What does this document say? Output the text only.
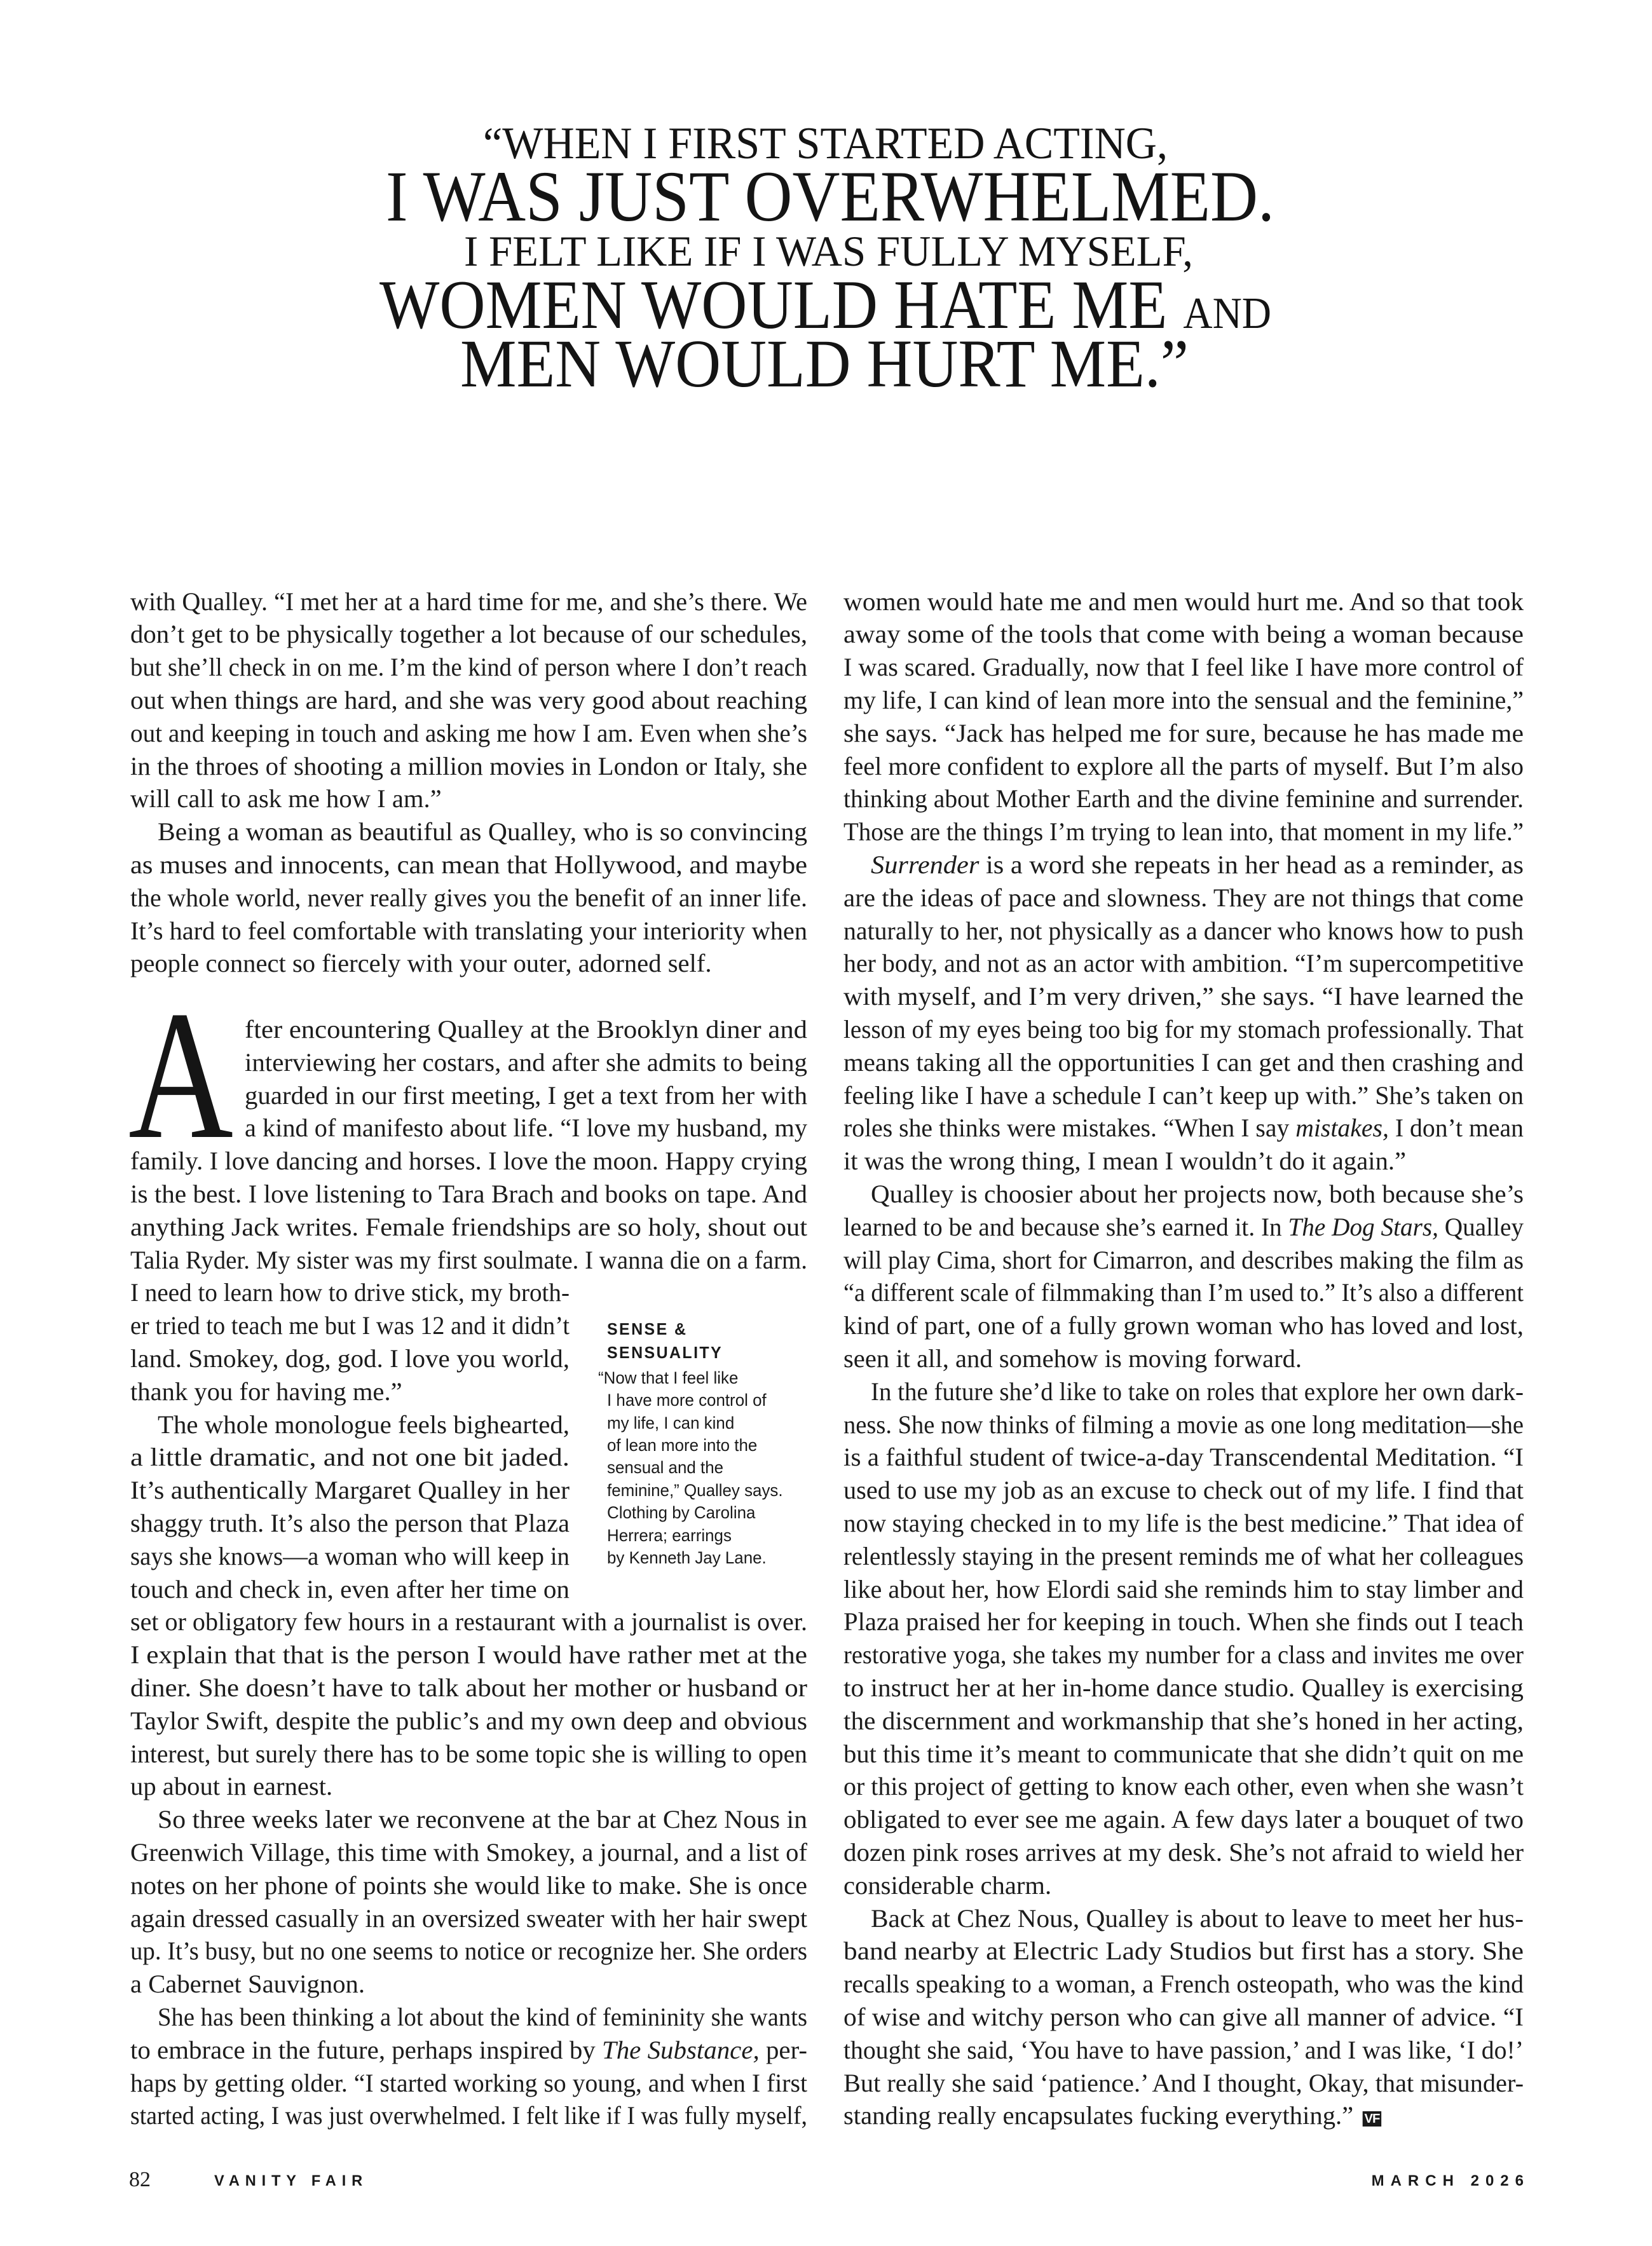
“WHEN I FIRST STARTED ACTING,
I WAS JUST OVERWHELMED.
I FELT LIKE IF I WAS FULLY MYSELF,
WOMEN WOULD HATE ME AND
MEN WOULD HURT ME.”
A
with Qualley. “I met her at a hard time for me, and she’s there. We
don’t get to be physically together a lot because of our schedules,
but she’ll check in on me. I’m the kind of person where I don’t reach
out when things are hard, and she was very good about reaching
out and keeping in touch and asking me how I am. Even when she’s
in the throes of shooting a million movies in London or Italy, she
will call to ask me how I am.”
Being a woman as beautiful as Qualley, who is so convincing
as muses and innocents, can mean that Hollywood, and maybe
the whole world, never really gives you the benefit of an inner life.
It’s hard to feel comfortable with translating your interiority when
people connect so fiercely with your outer, adorned self.
fter encountering Qualley at the Brooklyn diner and
interviewing her costars, and after she admits to being
guarded in our first meeting, I get a text from her with
a kind of manifesto about life. “I love my husband, my
family. I love dancing and horses. I love the moon. Happy crying
is the best. I love listening to Tara Brach and books on tape. And
anything Jack writes. Female friendships are so holy, shout out
Talia Ryder. My sister was my first soulmate. I wanna die on a farm.
I need to learn how to drive stick, my broth-
er tried to teach me but I was 12 and it didn’t
land. Smokey, dog, god. I love you world,
thank you for having me.”
The whole monologue feels bighearted,
a little dramatic, and not one bit jaded.
It’s authentically Margaret Qualley in her
shaggy truth. It’s also the person that Plaza
says she knows—a woman who will keep in
touch and check in, even after her time on
set or obligatory few hours in a restaurant with a journalist is over.
I explain that that is the person I would have rather met at the
diner. She doesn’t have to talk about her mother or husband or
Taylor Swift, despite the public’s and my own deep and obvious
interest, but surely there has to be some topic she is willing to open
up about in earnest.
So three weeks later we reconvene at the bar at Chez Nous in
Greenwich Village, this time with Smokey, a journal, and a list of
notes on her phone of points she would like to make. She is once
again dressed casually in an oversized sweater with her hair swept
up. It’s busy, but no one seems to notice or recognize her. She orders
a Cabernet Sauvignon.
She has been thinking a lot about the kind of femininity she wants
to embrace in the future, perhaps inspired by The Substance, per-
haps by getting older. “I started working so young, and when I first
started acting, I was just overwhelmed. I felt like if I was fully myself,
women would hate me and men would hurt me. And so that took
away some of the tools that come with being a woman because
I was scared. Gradually, now that I feel like I have more control of
my life, I can kind of lean more into the sensual and the feminine,”
she says. “Jack has helped me for sure, because he has made me
feel more confident to explore all the parts of myself. But I’m also
thinking about Mother Earth and the divine feminine and surrender.
Those are the things I’m trying to lean into, that moment in my life.”
Surrender is a word she repeats in her head as a reminder, as
are the ideas of pace and slowness. They are not things that come
naturally to her, not physically as a dancer who knows how to push
her body, and not as an actor with ambition. “I’m supercompetitive
with myself, and I’m very driven,” she says. “I have learned the
lesson of my eyes being too big for my stomach professionally. That
means taking all the opportunities I can get and then crashing and
feeling like I have a schedule I can’t keep up with.” She’s taken on
roles she thinks were mistakes. “When I say mistakes, I don’t mean
it was the wrong thing, I mean I wouldn’t do it again.”
Qualley is choosier about her projects now, both because she’s
learned to be and because she’s earned it. In The Dog Stars, Qualley
will play Cima, short for Cimarron, and describes making the film as
“a different scale of filmmaking than I’m used to.” It’s also a different
kind of part, one of a fully grown woman who has loved and lost,
seen it all, and somehow is moving forward.
In the future she’d like to take on roles that explore her own dark-
ness. She now thinks of filming a movie as one long meditation—she
is a faithful student of twice-a-day Transcendental Meditation. “I
used to use my job as an excuse to check out of my life. I find that
now staying checked in to my life is the best medicine.” That idea of
relentlessly staying in the present reminds me of what her colleagues
like about her, how Elordi said she reminds him to stay limber and
Plaza praised her for keeping in touch. When she finds out I teach
restorative yoga, she takes my number for a class and invites me over
to instruct her at her in-home dance studio. Qualley is exercising
the discernment and workmanship that she’s honed in her acting,
but this time it’s meant to communicate that she didn’t quit on me
or this project of getting to know each other, even when she wasn’t
obligated to ever see me again. A few days later a bouquet of two
dozen pink roses arrives at my desk. She’s not afraid to wield her
considerable charm.
Back at Chez Nous, Qualley is about to leave to meet her hus-
band nearby at Electric Lady Studios but first has a story. She
recalls speaking to a woman, a French osteopath, who was the kind
of wise and witchy person who can give all manner of advice. “I
thought she said, ‘You have to have passion,’ and I was like, ‘I do!’
But really she said ‘patience.’ And I thought, Okay, that misunder-
standing really encapsulates fucking everything.” VF
SENSE &
SENSUALITY
“Now that I feel like
I have more control of
my life, I can kind
of lean more into the
sensual and the
feminine,” Qualley says.
Clothing by Carolina
Herrera; earrings
by Kenneth Jay Lane.
82	VANITY FAIR	MARCH 2026
